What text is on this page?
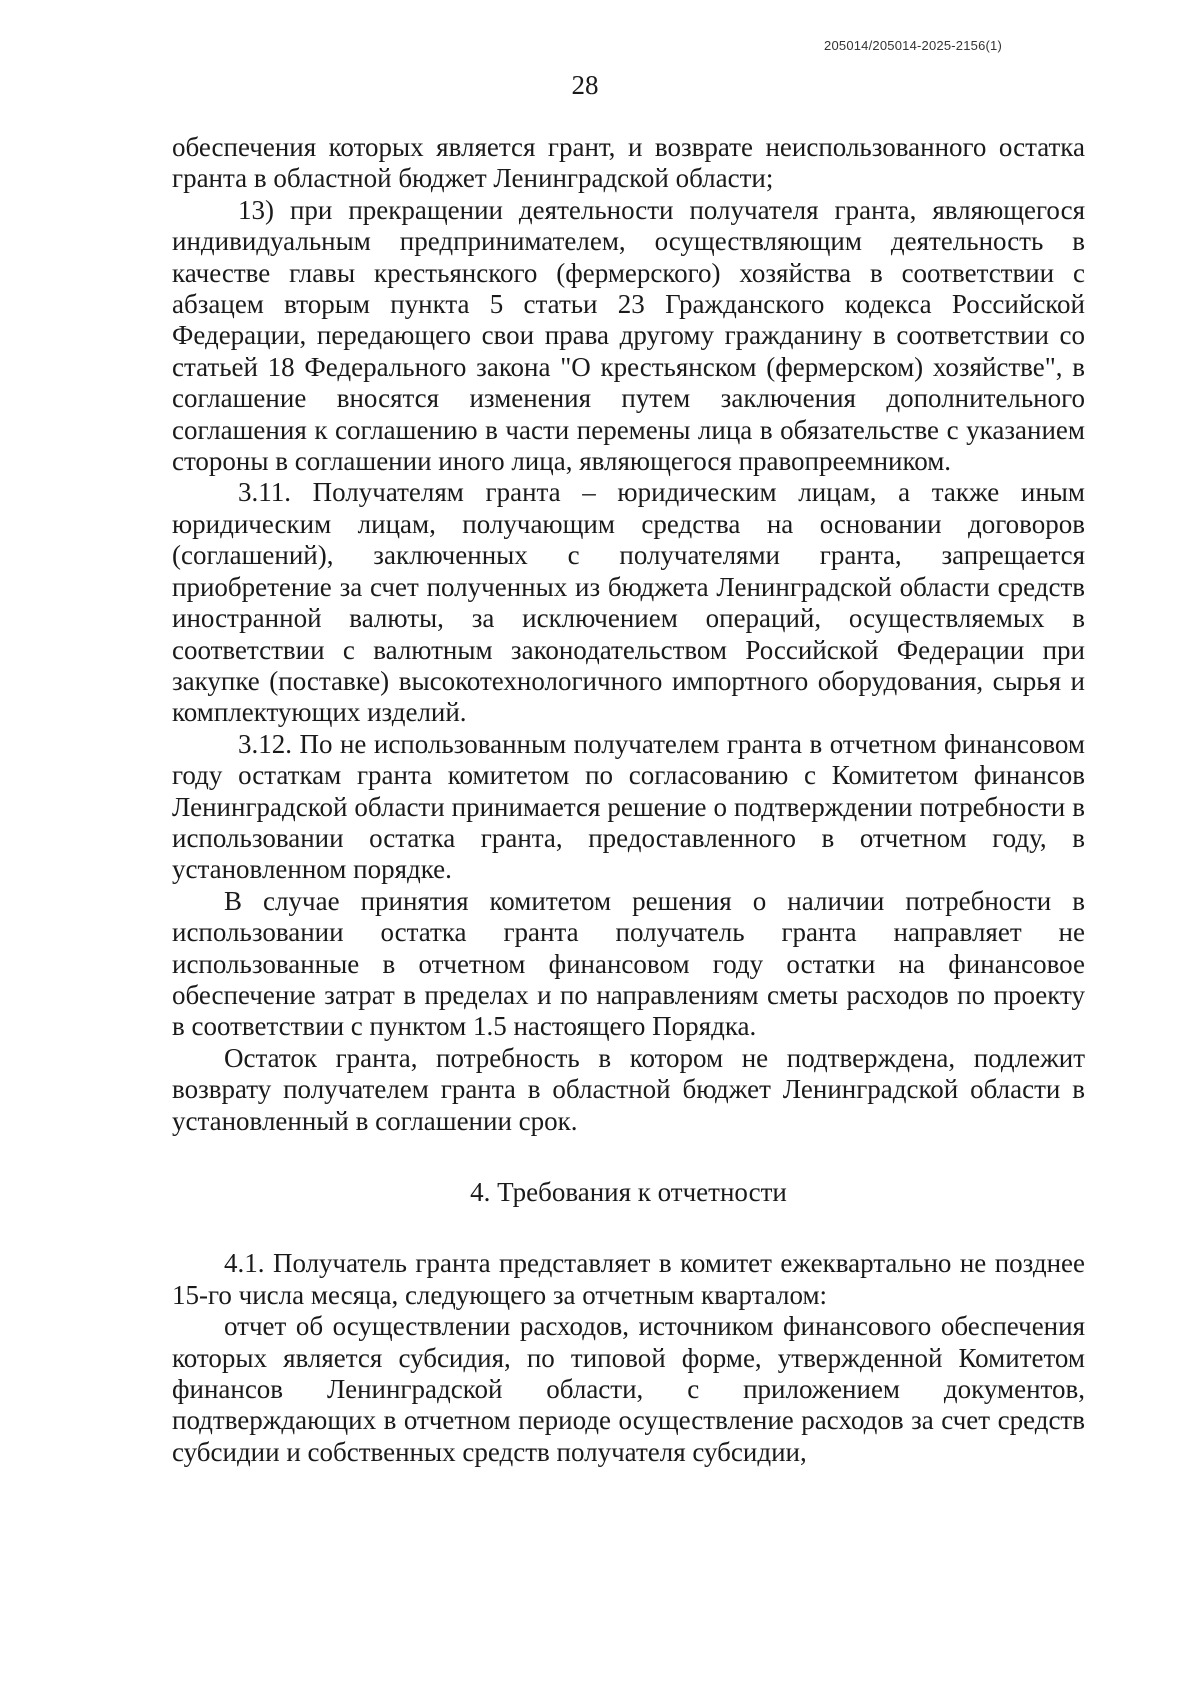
205014/205014-2025-2156(1)
28

обеспечения которых является грант, и возврате неиспользованного остатка гранта в областной бюджет Ленинградской области;

13) при прекращении деятельности получателя гранта, являющегося индивидуальным предпринимателем, осуществляющим деятельность в качестве главы крестьянского (фермерского) хозяйства в соответствии с абзацем вторым пункта 5 статьи 23 Гражданского кодекса Российской Федерации, передающего свои права другому гражданину в соответствии со статьей 18 Федерального закона "О крестьянском (фермерском) хозяйстве", в соглашение вносятся изменения путем заключения дополнительного соглашения к соглашению в части перемены лица в обязательстве с указанием стороны в соглашении иного лица, являющегося правопреемником.

3.11. Получателям гранта – юридическим лицам, а также иным юридическим лицам, получающим средства на основании договоров (соглашений), заключенных с получателями гранта, запрещается приобретение за счет полученных из бюджета Ленинградской области средств иностранной валюты, за исключением операций, осуществляемых в соответствии с валютным законодательством Российской Федерации при закупке (поставке) высокотехнологичного импортного оборудования, сырья и комплектующих изделий.

3.12. По не использованным получателем гранта в отчетном финансовом году остаткам гранта комитетом по согласованию с Комитетом финансов Ленинградской области принимается решение о подтверждении потребности в использовании остатка гранта, предоставленного в отчетном году, в установленном порядке.

В случае принятия комитетом решения о наличии потребности в использовании остатка гранта получатель гранта направляет не использованные в отчетном финансовом году остатки на финансовое обеспечение затрат в пределах и по направлениям сметы расходов по проекту в соответствии с пунктом 1.5 настоящего Порядка.

Остаток гранта, потребность в котором не подтверждена, подлежит возврату получателем гранта в областной бюджет Ленинградской области в установленный в соглашении срок.

4. Требования к отчетности

4.1. Получатель гранта представляет в комитет ежеквартально не позднее 15-го числа месяца, следующего за отчетным кварталом:

отчет об осуществлении расходов, источником финансового обеспечения которых является субсидия, по типовой форме, утвержденной Комитетом финансов Ленинградской области, с приложением документов, подтверждающих в отчетном периоде осуществление расходов за счет средств субсидии и собственных средств получателя субсидии,
